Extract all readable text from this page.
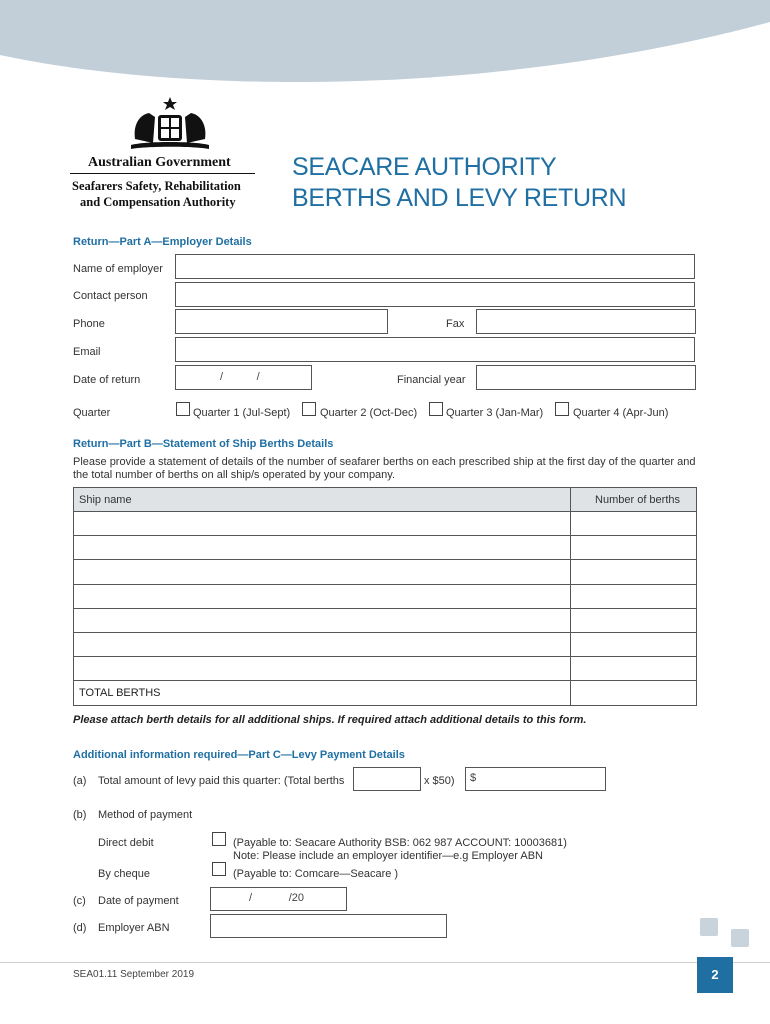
Australian Government
Seafarers Safety, Rehabilitation
and Compensation Authority
SEACARE AUTHORITY
BERTHS AND LEVY RETURN
Return—Part A—Employer Details
Name of employer
Contact person
Phone	Fax
Email
Date of return	/           /	Financial year
Quarter	Quarter 1 (Jul-Sept)	Quarter 2 (Oct-Dec)	Quarter 3 (Jan-Mar)	Quarter 4 (Apr-Jun)
Return—Part B—Statement of Ship Berths Details
Please provide a statement of details of the number of seafarer berths on each prescribed ship at the first day of the quarter and the total number of berths on all ship/s operated by your company.
Ship name	Number of berths

TOTAL BERTHS	
Please attach berth details for all additional ships. If required attach additional details to this form.
Additional information required—Part C—Levy Payment Details
(a) Total amount of levy paid this quarter: (Total berths	x $50) $
(b) Method of payment
Direct debit	(Payable to: Seacare Authority BSB: 062 987 ACCOUNT: 10003681)
Note: Please include an employer identifier—e.g Employer ABN
By cheque	(Payable to: Comcare—Seacare )
(c) Date of payment	/            /20
(d) Employer ABN
SEA01.11 September 2019	2
